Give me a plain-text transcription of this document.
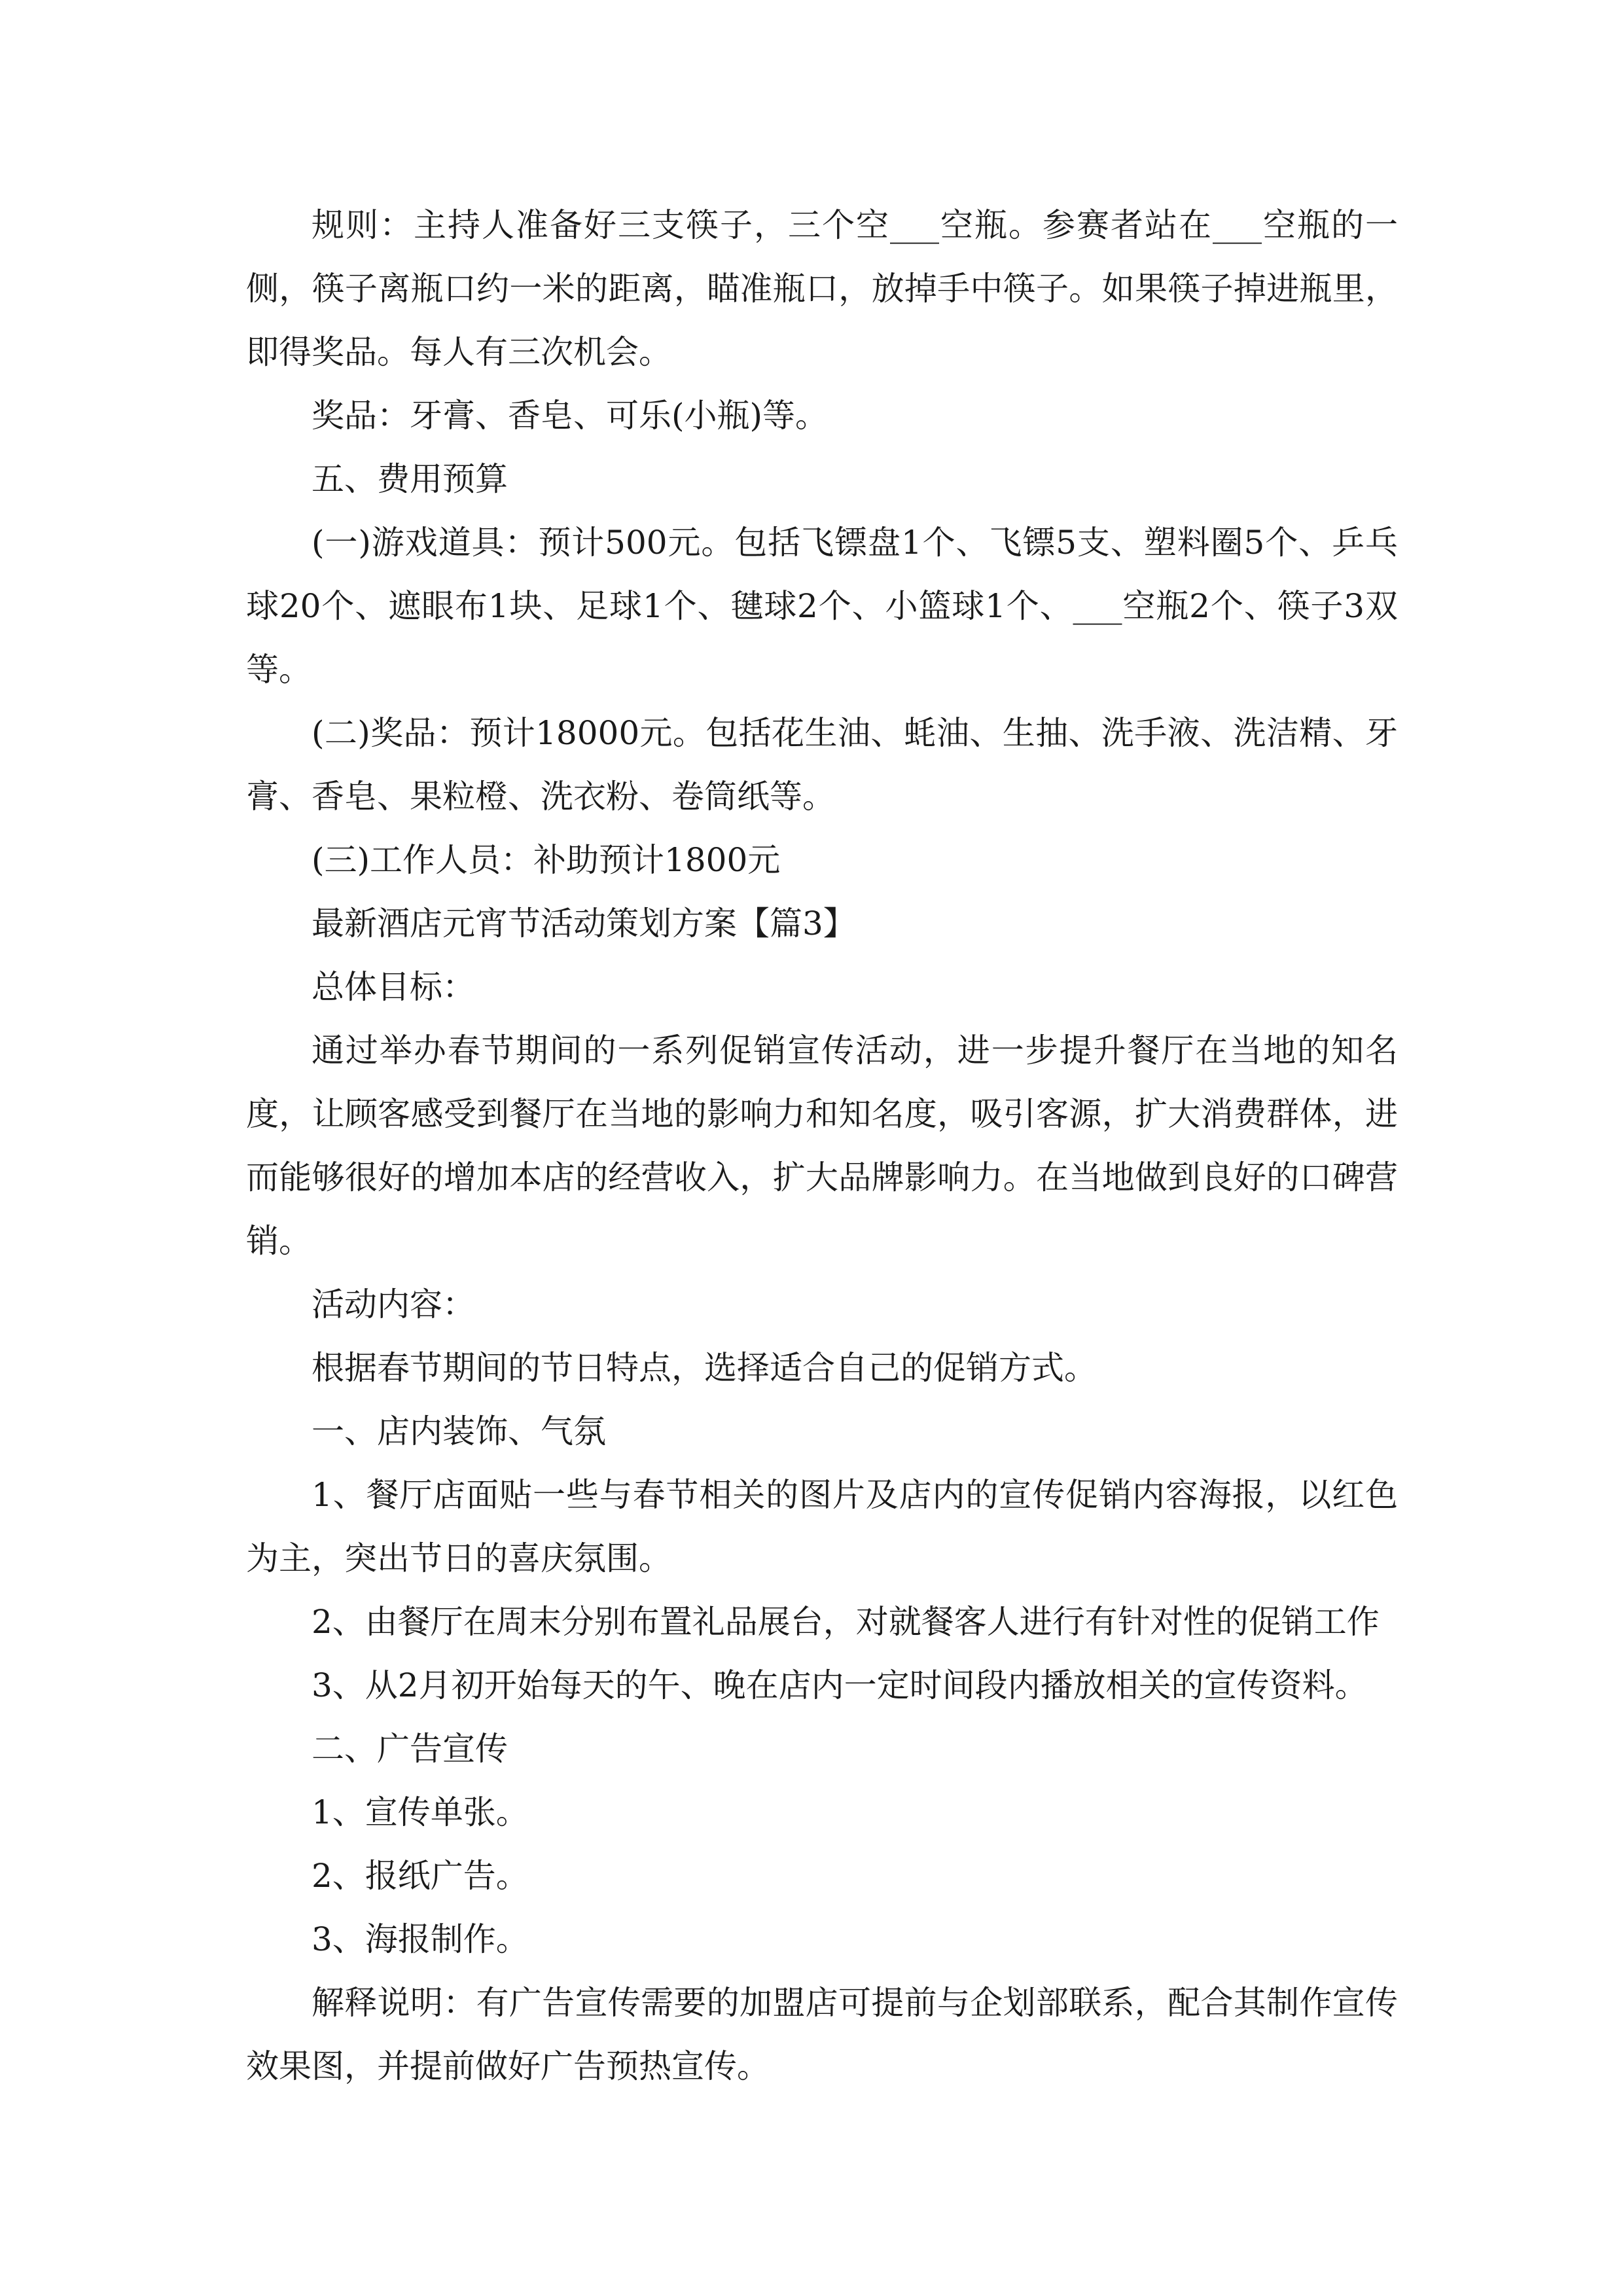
规则：主持人准备好三支筷子，三个空___空瓶。参赛者站在___空瓶的一侧，筷子离瓶口约一米的距离，瞄准瓶口，放掉手中筷子。如果筷子掉进瓶里，即得奖品。每人有三次机会。

奖品：牙膏、香皂、可乐(小瓶)等。

五、费用预算

(一)游戏道具：预计500元。包括飞镖盘1个、飞镖5支、塑料圈5个、乒乓球20个、遮眼布1块、足球1个、毽球2个、小篮球1个、___空瓶2个、筷子3双等。

(二)奖品：预计18000元。包括花生油、蚝油、生抽、洗手液、洗洁精、牙膏、香皂、果粒橙、洗衣粉、卷筒纸等。

(三)工作人员：补助预计1800元

最新酒店元宵节活动策划方案【篇3】

总体目标：

通过举办春节期间的一系列促销宣传活动，进一步提升餐厅在当地的知名度，让顾客感受到餐厅在当地的影响力和知名度，吸引客源，扩大消费群体，进而能够很好的增加本店的经营收入，扩大品牌影响力。在当地做到良好的口碑营销。

活动内容：

根据春节期间的节日特点，选择适合自己的促销方式。

一、店内装饰、气氛

1、餐厅店面贴一些与春节相关的图片及店内的宣传促销内容海报，以红色为主，突出节日的喜庆氛围。

2、由餐厅在周末分别布置礼品展台，对就餐客人进行有针对性的促销工作

3、从2月初开始每天的午、晚在店内一定时间段内播放相关的宣传资料。

二、广告宣传

1、宣传单张。

2、报纸广告。

3、海报制作。

解释说明：有广告宣传需要的加盟店可提前与企划部联系，配合其制作宣传效果图，并提前做好广告预热宣传。
